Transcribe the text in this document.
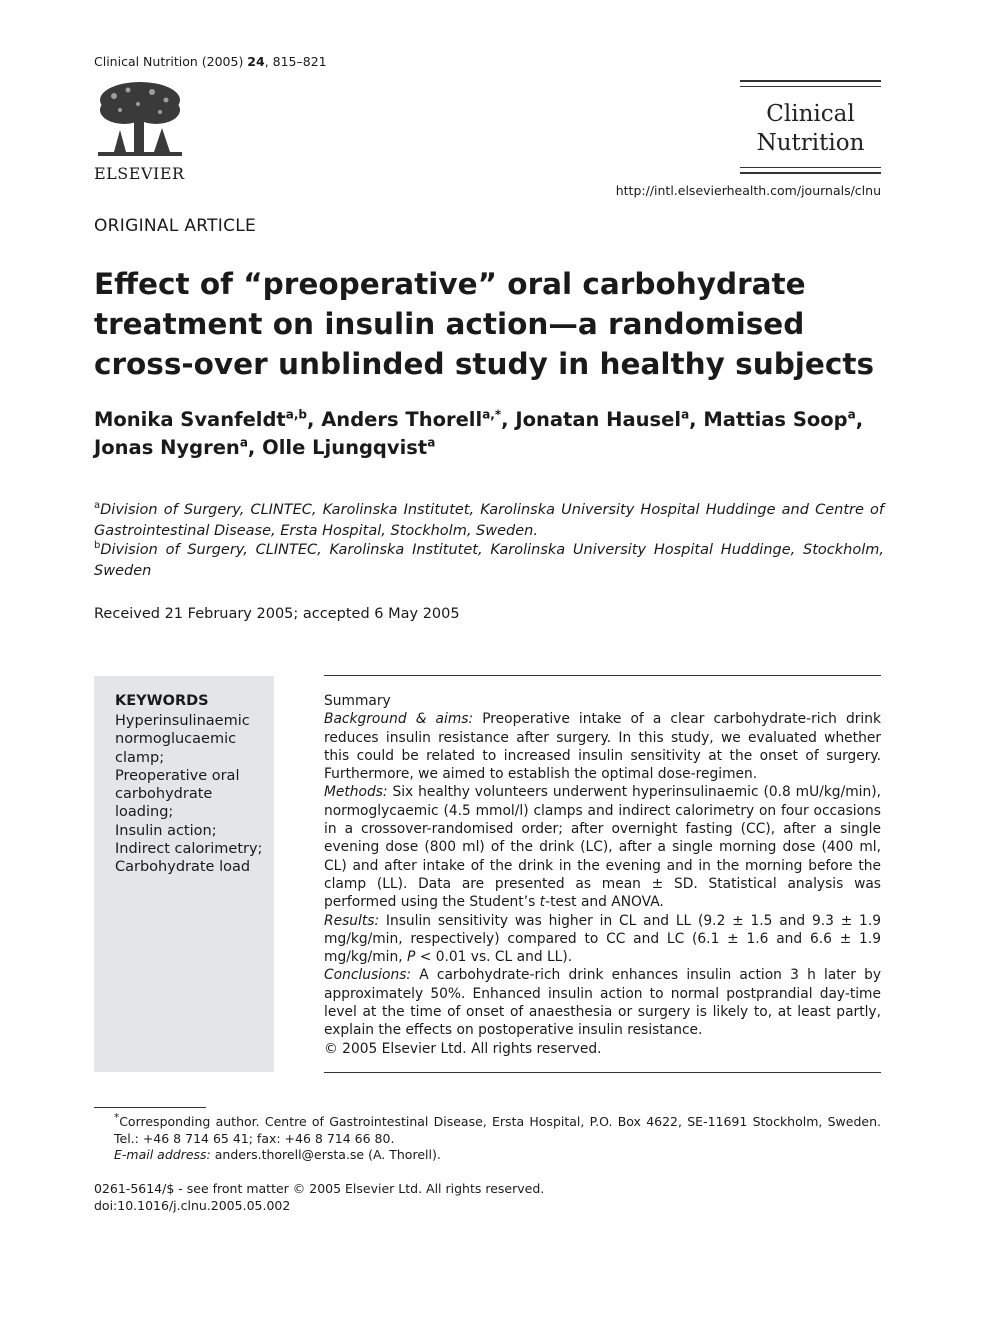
Clinical Nutrition (2005) 24, 815–821
ELSEVIER
Clinical
Nutrition
http://intl.elsevierhealth.com/journals/clnu
ORIGINAL ARTICLE
Effect of “preoperative” oral carbohydrate treatment on insulin action—a randomised cross-over unblinded study in healthy subjects
Monika Svanfeldt$^{a,b}$, Anders Thorell$^{a,*}$, Jonatan Hausel$^a$, Mattias Soop$^a$,
Jonas Nygren$^a$, Olle Ljungqvist$^a$
$^a$Division of Surgery, CLINTEC, Karolinska Institutet, Karolinska University Hospital Huddinge and Centre of Gastrointestinal Disease, Ersta Hospital, Stockholm, Sweden.
$^b$Division of Surgery, CLINTEC, Karolinska Institutet, Karolinska University Hospital Huddinge, Stockholm, Sweden
Received 21 February 2005; accepted 6 May 2005
KEYWORDS
Hyperinsulinaemic
normoglucaemic
clamp;
Preoperative oral
carbohydrate
loading;
Insulin action;
Indirect calorimetry;
Carbohydrate load

Summary

Background & aims: Preoperative intake of a clear carbohydrate-rich drink reduces insulin resistance after surgery. In this study, we evaluated whether this could be related to increased insulin sensitivity at the onset of surgery. Furthermore, we aimed to establish the optimal dose-regimen.

Methods: Six healthy volunteers underwent hyperinsulinaemic (0.8 mU/kg/min), normoglycaemic (4.5 mmol/l) clamps and indirect calorimetry on four occasions in a crossover-randomised order; after overnight fasting (CC), after a single evening dose (800 ml) of the drink (LC), after a single morning dose (400 ml, CL) and after intake of the drink in the evening and in the morning before the clamp (LL). Data are presented as mean ± SD. Statistical analysis was performed using the Student’s t-test and ANOVA.

Results: Insulin sensitivity was higher in CL and LL (9.2 ± 1.5 and 9.3 ± 1.9 mg/kg/min, respectively) compared to CC and LC (6.1 ± 1.6 and 6.6 ± 1.9 mg/kg/min, P < 0.01 vs. CL and LL).

Conclusions: A carbohydrate-rich drink enhances insulin action 3 h later by approximately 50%. Enhanced insulin action to normal postprandial day-time level at the time of onset of anaesthesia or surgery is likely to, at least partly, explain the effects on postoperative insulin resistance.

© 2005 Elsevier Ltd. All rights reserved.

*Corresponding author. Centre of Gastrointestinal Disease, Ersta Hospital, P.O. Box 4622, SE-11691 Stockholm, Sweden. Tel.: +46 8 714 65 41; fax: +46 8 714 66 80.

E-mail address: anders.thorell@ersta.se (A. Thorell).

0261-5614/$ - see front matter © 2005 Elsevier Ltd. All rights reserved.
doi:10.1016/j.clnu.2005.05.002
